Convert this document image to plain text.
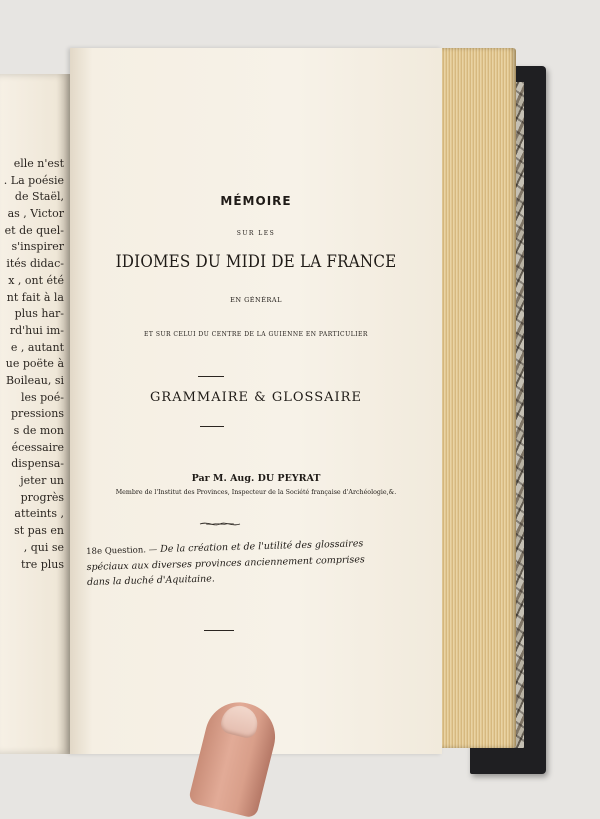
elle n'est
. La poésie
de Staël,
as , Victor
et de quel-
s'inspirer
ités didac-
x , ont été
nt fait à la
plus har-
rd'hui im-
e , autant
ue poëte à
Boileau, si
les poé-
pressions
s de mon
écessaire
dispensa-
jeter un
progrès
atteints ,
st pas en
, qui se
tre plus
MÉMOIRE
SUR LES
IDIOMES DU MIDI DE LA FRANCE
EN GÉNÉRAL
ET SUR CELUI DU CENTRE DE LA GUIENNE EN PARTICULIER
GRAMMAIRE & GLOSSAIRE
Par M. Aug. DU PEYRAT
Membre de l'Institut des Provinces, Inspecteur de la Société française d'Archéologie,&.
18e Question. — De la création et de l'utilité des glossaires spéciaux aux diverses provinces anciennement comprises dans la duché d'Aquitaine.
